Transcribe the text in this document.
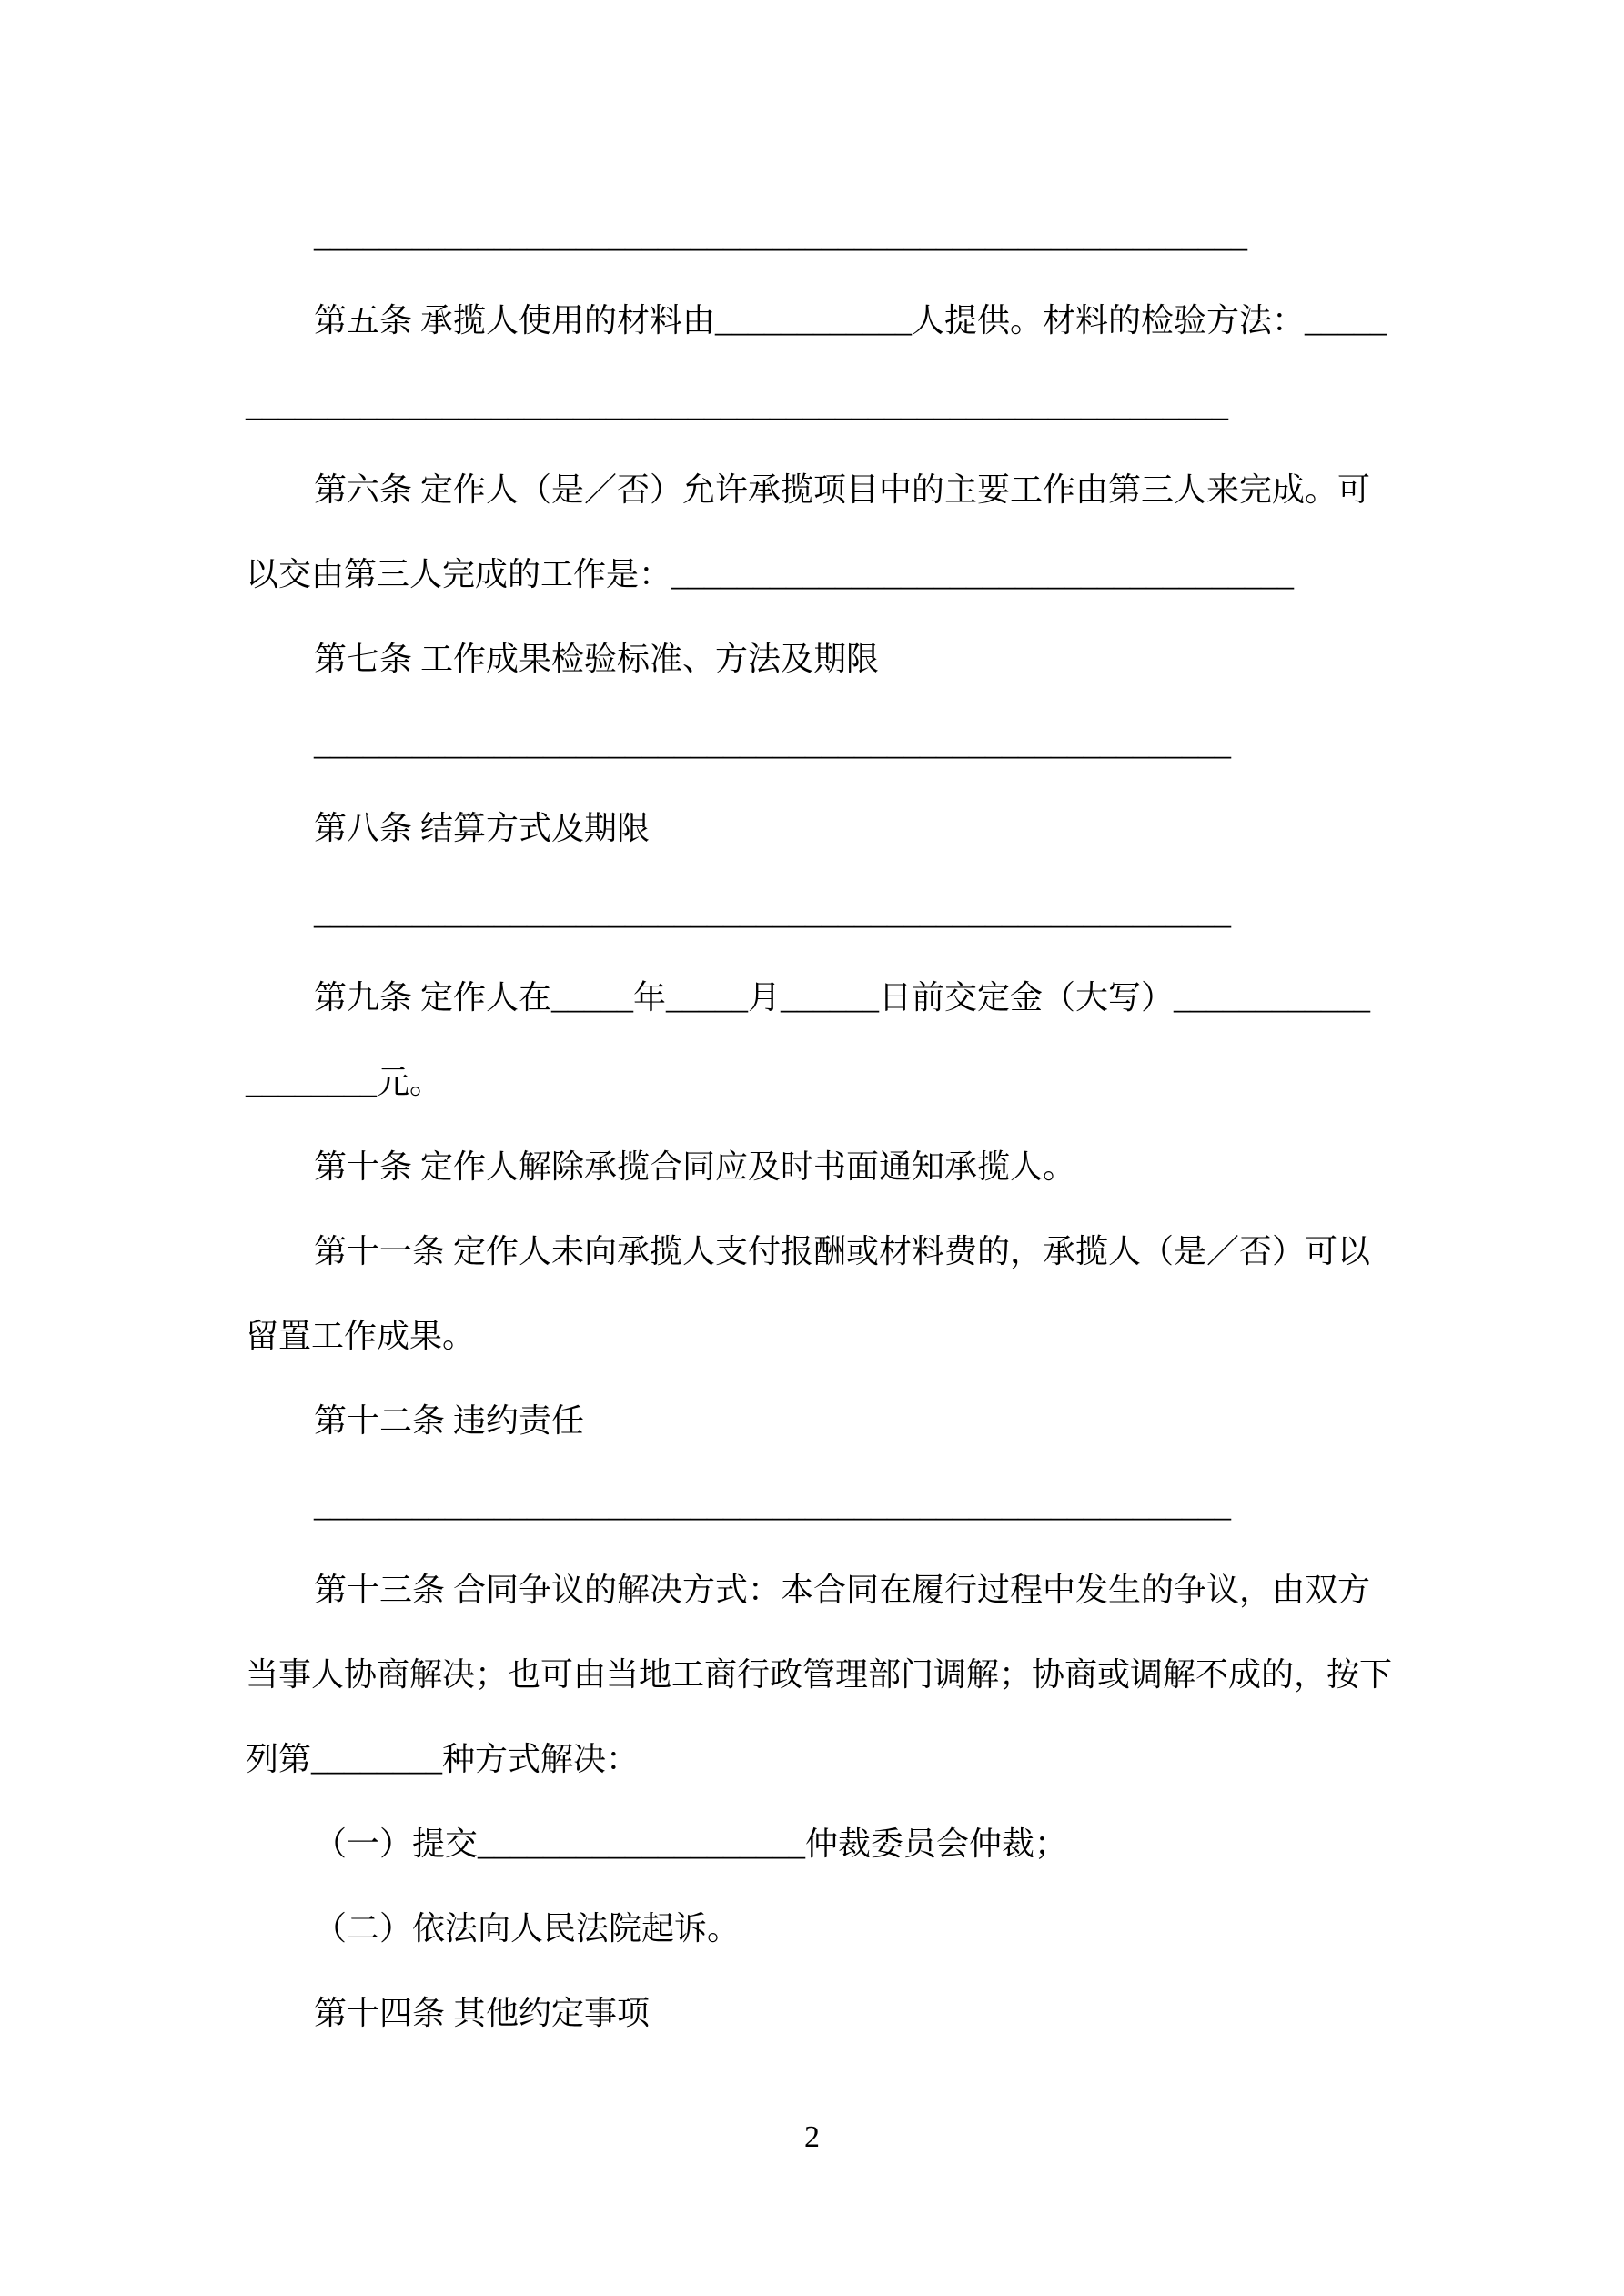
_________________________________________________________
第五条 承揽人使用的材料由____________人提供。材料的检验方法：_____
____________________________________________________________
第六条 定作人（是／否）允许承揽项目中的主要工作由第三人来完成。可
以交由第三人完成的工作是：______________________________________
第七条 工作成果检验标准、方法及期限
________________________________________________________
第八条 结算方式及期限
________________________________________________________
第九条 定作人在_____年_____月______日前交定金（大写）____________
________元。
第十条 定作人解除承揽合同应及时书面通知承揽人。
第十一条 定作人未向承揽人支付报酬或材料费的，承揽人（是／否）可以
留置工作成果。
第十二条 违约责任
________________________________________________________
第十三条 合同争议的解决方式：本合同在履行过程中发生的争议，由双方
当事人协商解决；也可由当地工商行政管理部门调解；协商或调解不成的，按下
列第________种方式解决：
（一）提交____________________仲裁委员会仲裁；
（二）依法向人民法院起诉。
第十四条 其他约定事项
2
